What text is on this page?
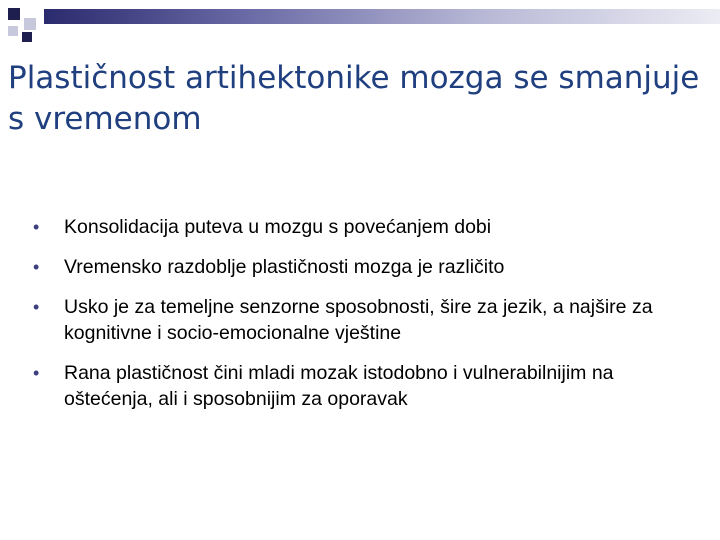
Plastičnost artihektonike mozga se smanjuje s vremenom
• Konsolidacija puteva u mozgu s povećanjem dobi
• Vremensko razdoblje plastičnosti mozga je različito
• Usko je za temeljne senzorne sposobnosti, šire za jezik, a najšire za kognitivne i socio-emocionalne vještine
• Rana plastičnost čini mladi mozak istodobno i vulnerabilnijim na oštećenja, ali i sposobnijim za oporavak
